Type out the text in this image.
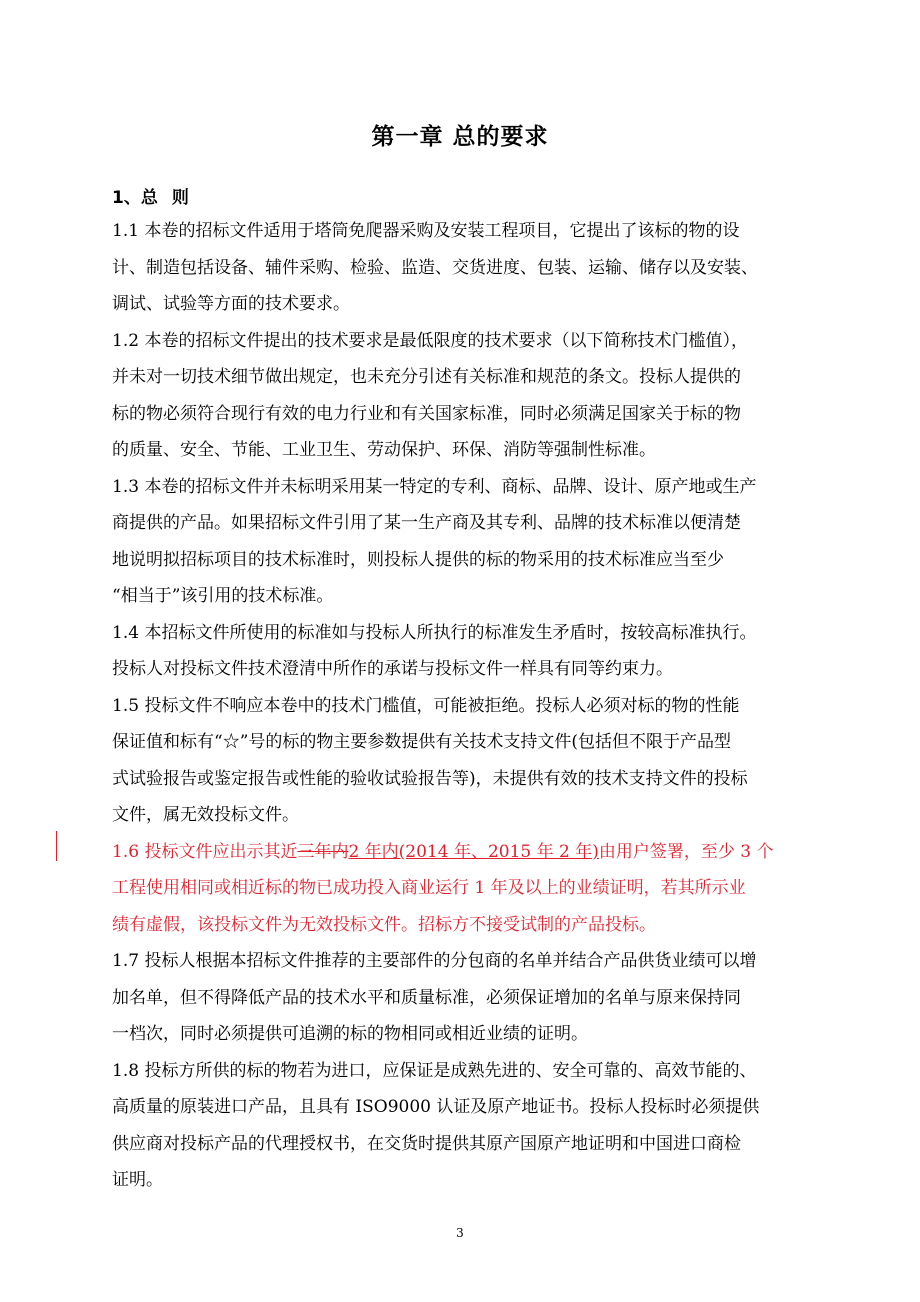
第一章 总的要求
1、总 则
1.1 本卷的招标文件适用于塔筒免爬器采购及安装工程项目，它提出了该标的物的设
计、制造包括设备、辅件采购、检验、监造、交货进度、包装、运输、储存以及安装、
调试、试验等方面的技术要求。
1.2 本卷的招标文件提出的技术要求是最低限度的技术要求（以下简称技术门槛值），
并未对一切技术细节做出规定，也未充分引述有关标准和规范的条文。投标人提供的
标的物必须符合现行有效的电力行业和有关国家标准，同时必须满足国家关于标的物
的质量、安全、节能、工业卫生、劳动保护、环保、消防等强制性标准。
1.3 本卷的招标文件并未标明采用某一特定的专利、商标、品牌、设计、原产地或生产
商提供的产品。如果招标文件引用了某一生产商及其专利、品牌的技术标准以便清楚
地说明拟招标项目的技术标准时，则投标人提供的标的物采用的技术标准应当至少
“相当于”该引用的技术标准。
1.4 本招标文件所使用的标准如与投标人所执行的标准发生矛盾时，按较高标准执行。
投标人对投标文件技术澄清中所作的承诺与投标文件一样具有同等约束力。
1.5 投标文件不响应本卷中的技术门槛值，可能被拒绝。投标人必须对标的物的性能
保证值和标有“☆”号的标的物主要参数提供有关技术支持文件(包括但不限于产品型
式试验报告或鉴定报告或性能的验收试验报告等)，未提供有效的技术支持文件的投标
文件，属无效投标文件。
1.6 投标文件应出示其近三年内2 年内(2014 年、2015 年 2 年)由用户签署，至少 3 个
工程使用相同或相近标的物已成功投入商业运行 1 年及以上的业绩证明，若其所示业
绩有虚假，该投标文件为无效投标文件。招标方不接受试制的产品投标。
1.7 投标人根据本招标文件推荐的主要部件的分包商的名单并结合产品供货业绩可以增
加名单，但不得降低产品的技术水平和质量标准，必须保证增加的名单与原来保持同
一档次，同时必须提供可追溯的标的物相同或相近业绩的证明。
1.8 投标方所供的标的物若为进口，应保证是成熟先进的、安全可靠的、高效节能的、
高质量的原装进口产品，且具有 ISO9000 认证及原产地证书。投标人投标时必须提供
供应商对投标产品的代理授权书，在交货时提供其原产国原产地证明和中国进口商检
证明。
3
